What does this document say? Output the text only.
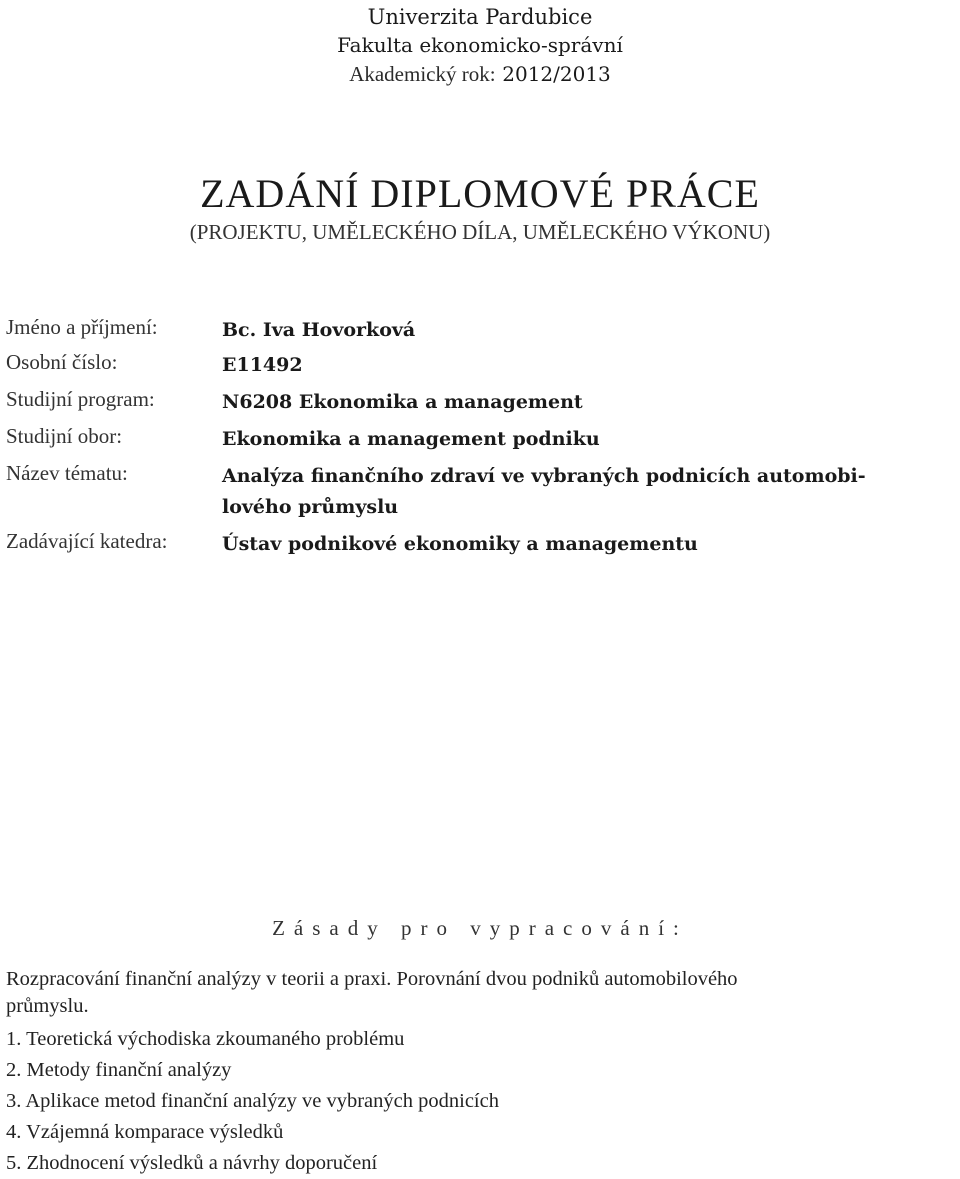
Univerzita Pardubice
Fakulta ekonomicko-správní
Akademický rok: 2012/2013
ZADÁNÍ DIPLOMOVÉ PRÁCE
(PROJEKTU, UMĚLECKÉHO DÍLA, UMĚLECKÉHO VÝKONU)
Jméno a příjmení:	Bc. Iva Hovorková
Osobní číslo:	E11492
Studijní program:	N6208 Ekonomika a management
Studijní obor:	Ekonomika a management podniku
Název tématu:	Analýza finančního zdraví ve vybraných podnicích automobi-
lového průmyslu
Zadávající katedra:	Ústav podnikové ekonomiky a managementu
Zásady pro vypracování:
Rozpracování finanční analýzy v teorii a praxi. Porovnání dvou podniků automobilového
průmyslu.
1. Teoretická východiska zkoumaného problému
2. Metody finanční analýzy
3. Aplikace metod finanční analýzy ve vybraných podnicích
4. Vzájemná komparace výsledků
5. Zhodnocení výsledků a návrhy doporučení
